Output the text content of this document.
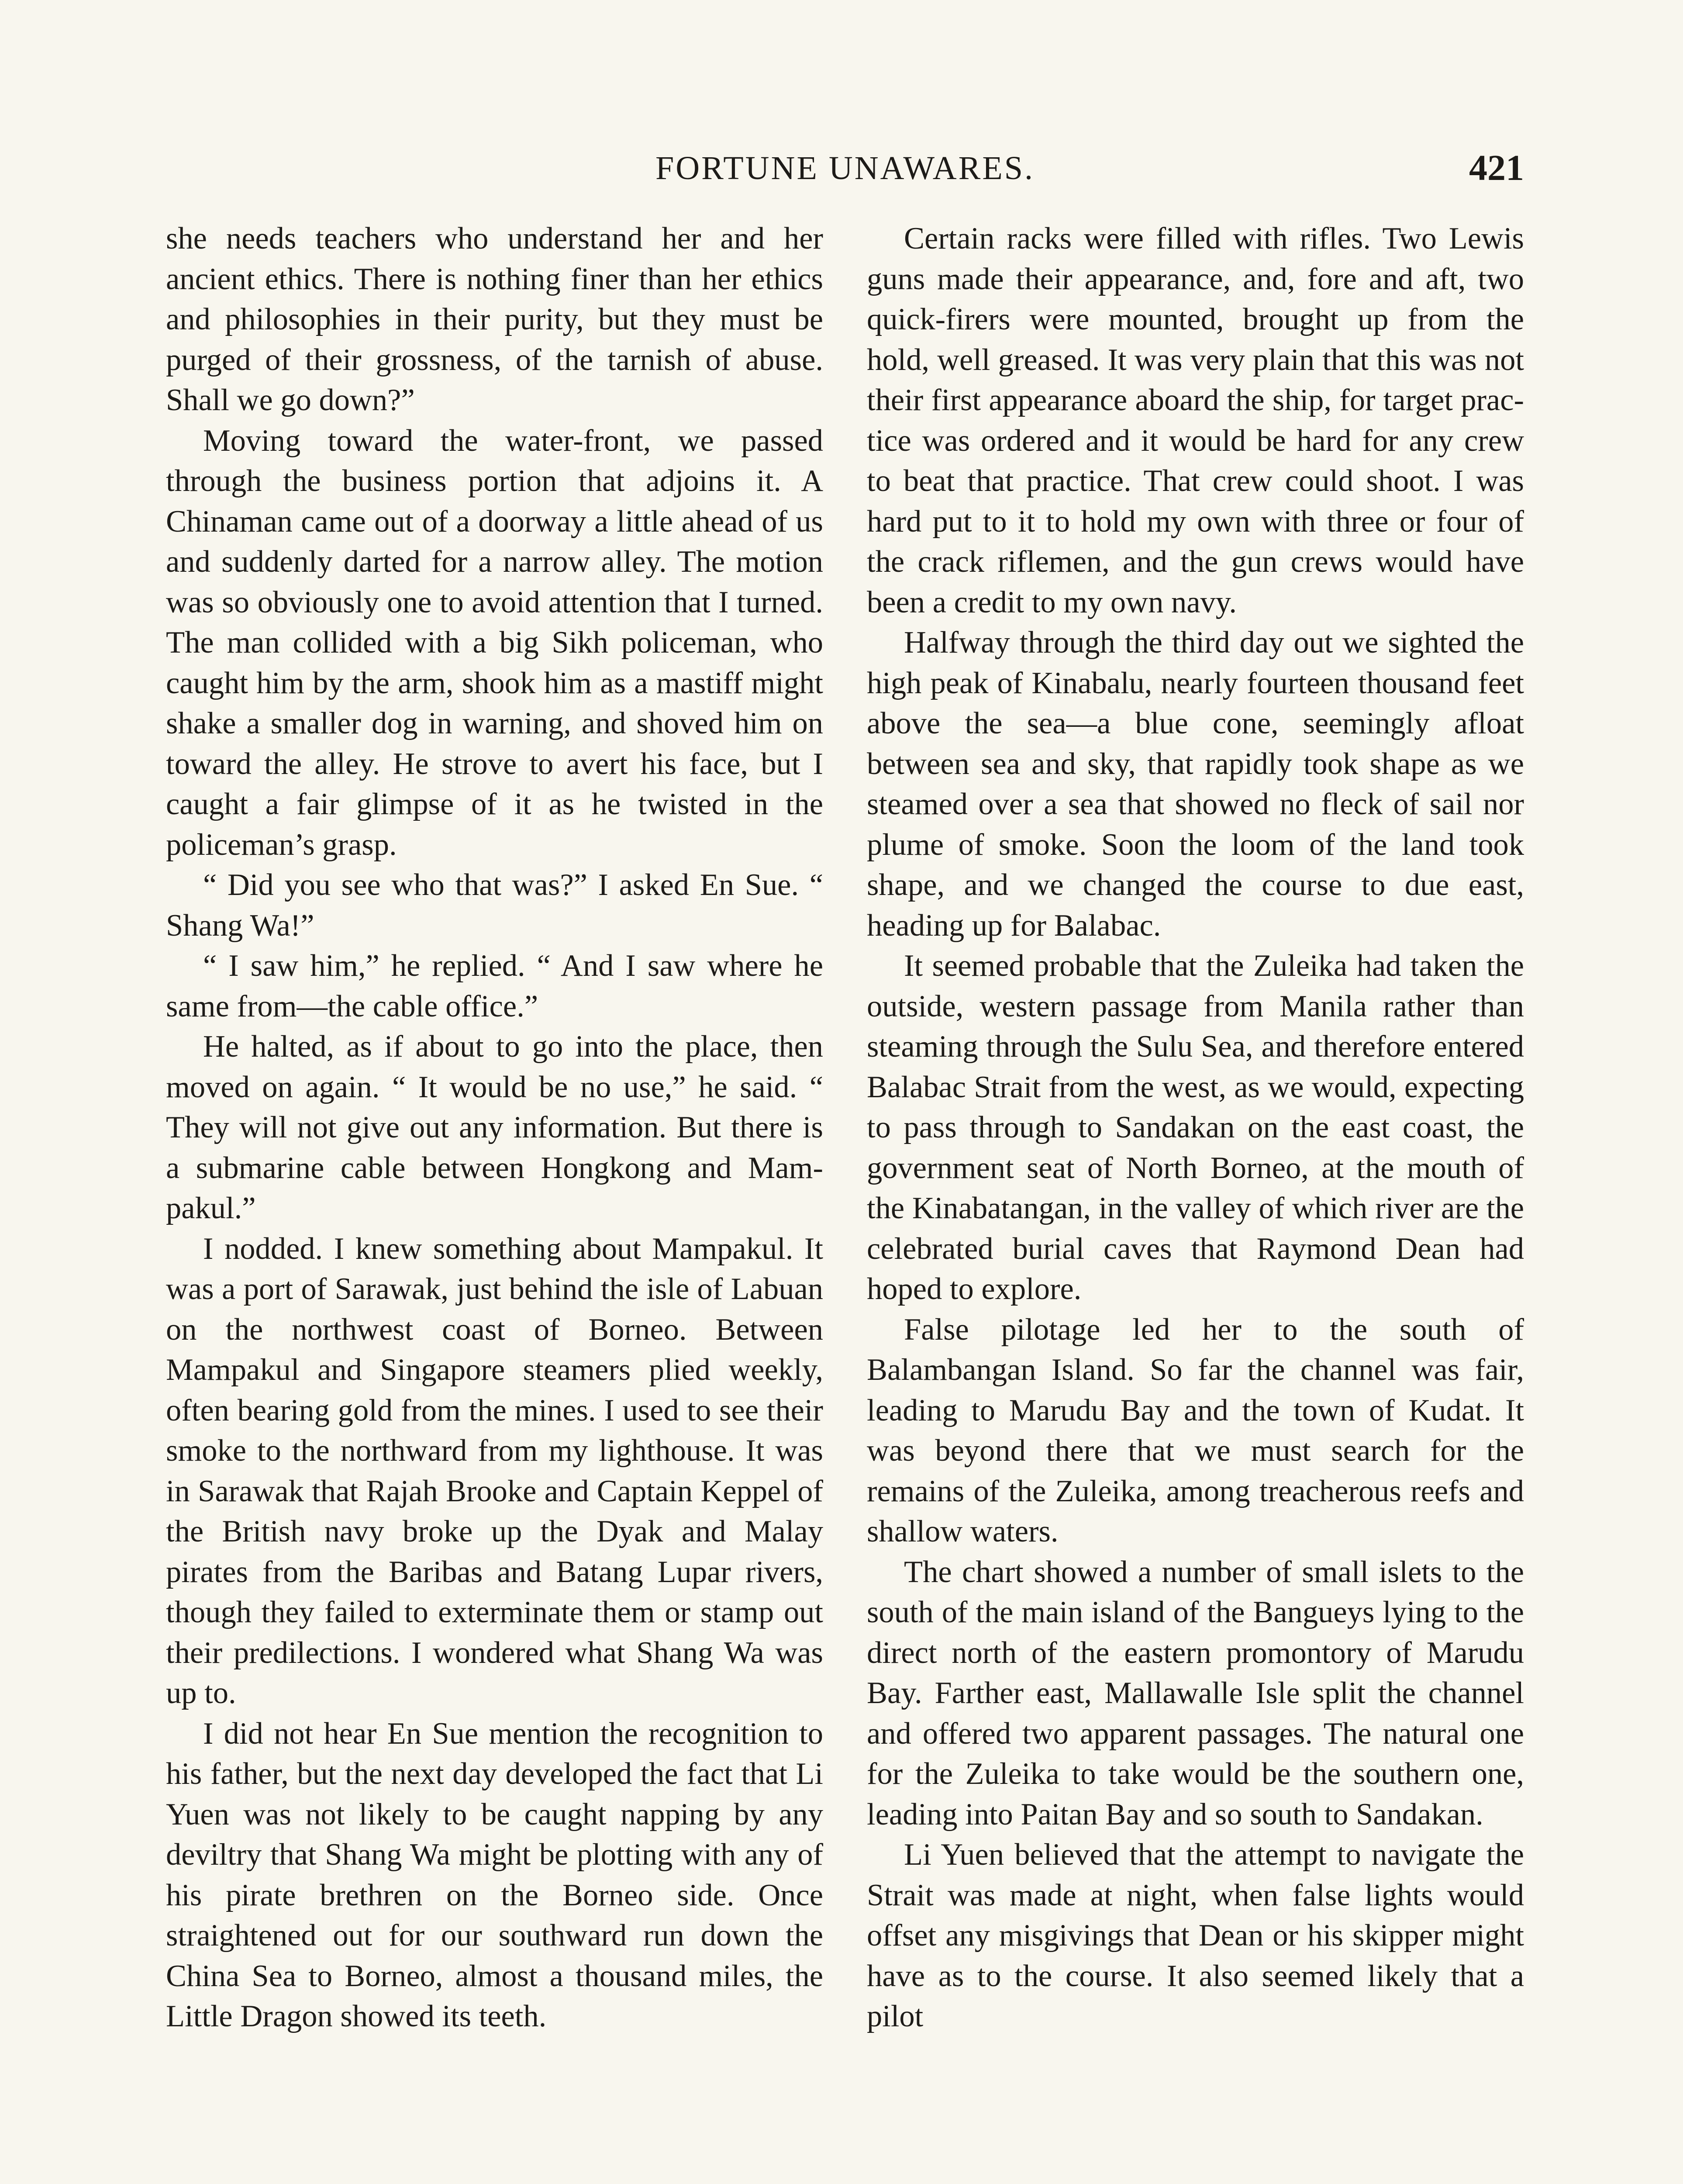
FORTUNE UNAWARES.	421

she needs teachers who understand her and her ancient ethics. There is nothing finer than her ethics and philosophies in their purity, but they must be purged of their grossness, of the tarnish of abuse. Shall we go down?”

Moving toward the water-front, we passed through the business portion that adjoins it. A Chinaman came out of a doorway a little ahead of us and suddenly darted for a narrow alley. The motion was so obviously one to avoid attention that I turned. The man collided with a big Sikh policeman, who caught him by the arm, shook him as a mastiff might shake a smaller dog in warning, and shoved him on toward the alley. He strove to avert his face, but I caught a fair glimpse of it as he twisted in the policeman’s grasp.

“ Did you see who that was?” I asked En Sue. “ Shang Wa!”

“ I saw him,” he replied. “ And I saw where he same from—the cable office.”

He halted, as if about to go into the place, then moved on again. “ It would be no use,” he said. “ They will not give out any information. But there is a submarine cable between Hongkong and Mampakul.”

I nodded. I knew something about Mampakul. It was a port of Sarawak, just behind the isle of Labuan on the northwest coast of Borneo. Between Mampakul and Singapore steamers plied weekly, often bearing gold from the mines. I used to see their smoke to the northward from my lighthouse. It was in Sarawak that Rajah Brooke and Captain Keppel of the British navy broke up the Dyak and Malay pirates from the Baribas and Batang Lupar rivers, though they failed to exterminate them or stamp out their predilections. I wondered what Shang Wa was up to.

I did not hear En Sue mention the recognition to his father, but the next day developed the fact that Li Yuen was not likely to be caught napping by any deviltry that Shang Wa might be plotting with any of his pirate brethren on the Borneo side. Once straightened out for our southward run down the China Sea to Borneo, almost a thousand miles, the Little Dragon showed its teeth.

Certain racks were filled with rifles. Two Lewis guns made their appearance, and, fore and aft, two quick-firers were mounted, brought up from the hold, well greased. It was very plain that this was not their first appearance aboard the ship, for target practice was ordered and it would be hard for any crew to beat that practice. That crew could shoot. I was hard put to it to hold my own with three or four of the crack riflemen, and the gun crews would have been a credit to my own navy.

Halfway through the third day out we sighted the high peak of Kinabalu, nearly fourteen thousand feet above the sea—a blue cone, seemingly afloat between sea and sky, that rapidly took shape as we steamed over a sea that showed no fleck of sail nor plume of smoke. Soon the loom of the land took shape, and we changed the course to due east, heading up for Balabac.

It seemed probable that the Zuleika had taken the outside, western passage from Manila rather than steaming through the Sulu Sea, and therefore entered Balabac Strait from the west, as we would, expecting to pass through to Sandakan on the east coast, the government seat of North Borneo, at the mouth of the Kinabatangan, in the valley of which river are the celebrated burial caves that Raymond Dean had hoped to explore.

False pilotage led her to the south of Balambangan Island. So far the channel was fair, leading to Marudu Bay and the town of Kudat. It was beyond there that we must search for the remains of the Zuleika, among treacherous reefs and shallow waters.

The chart showed a number of small islets to the south of the main island of the Bangueys lying to the direct north of the eastern promontory of Marudu Bay. Farther east, Mallawalle Isle split the channel and offered two apparent passages. The natural one for the Zuleika to take would be the southern one, leading into Paitan Bay and so south to Sandakan.

Li Yuen believed that the attempt to navigate the Strait was made at night, when false lights would offset any misgivings that Dean or his skipper might have as to the course. It also seemed likely that a pilot
